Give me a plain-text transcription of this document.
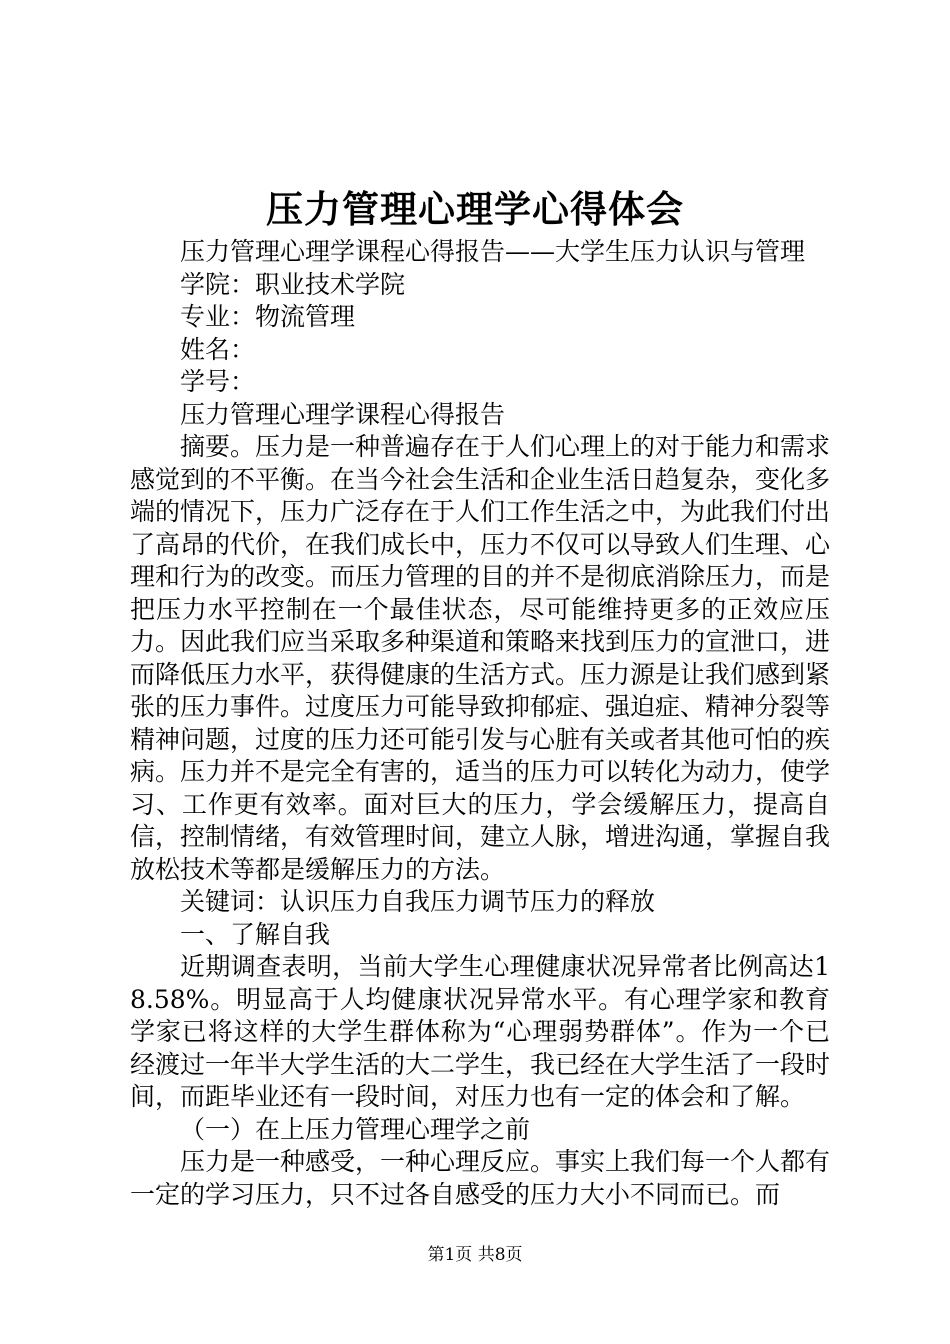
压力管理心理学心得体会
压力管理心理学课程心得报告——大学生压力认识与管理
学院：职业技术学院
专业：物流管理
姓名：
学号：
压力管理心理学课程心得报告

摘要。压力是一种普遍存在于人们心理上的对于能力和需求感觉到的不平衡。在当今社会生活和企业生活日趋复杂，变化多端的情况下，压力广泛存在于人们工作生活之中，为此我们付出了高昂的代价，在我们成长中，压力不仅可以导致人们生理、心理和行为的改变。而压力管理的目的并不是彻底消除压力，而是把压力水平控制在一个最佳状态，尽可能维持更多的正效应压力。因此我们应当采取多种渠道和策略来找到压力的宣泄口，进而降低压力水平，获得健康的生活方式。压力源是让我们感到紧张的压力事件。过度压力可能导致抑郁症、强迫症、精神分裂等精神问题，过度的压力还可能引发与心脏有关或者其他可怕的疾病。压力并不是完全有害的，适当的压力可以转化为动力，使学习、工作更有效率。面对巨大的压力，学会缓解压力，提高自信，控制情绪，有效管理时间，建立人脉，增进沟通，掌握自我放松技术等都是缓解压力的方法。

关键词：认识压力自我压力调节压力的释放
一、了解自我

近期调查表明，当前大学生心理健康状况异常者比例高达18.58%。明显高于人均健康状况异常水平。有心理学家和教育学家已将这样的大学生群体称为“心理弱势群体”。作为一个已经渡过一年半大学生活的大二学生，我已经在大学生活了一段时间，而距毕业还有一段时间，对压力也有一定的体会和了解。

（一）在上压力管理心理学之前

压力是一种感受，一种心理反应。事实上我们每一个人都有一定的学习压力，只不过各自感受的压力大小不同而已。而

第1页 共8页
